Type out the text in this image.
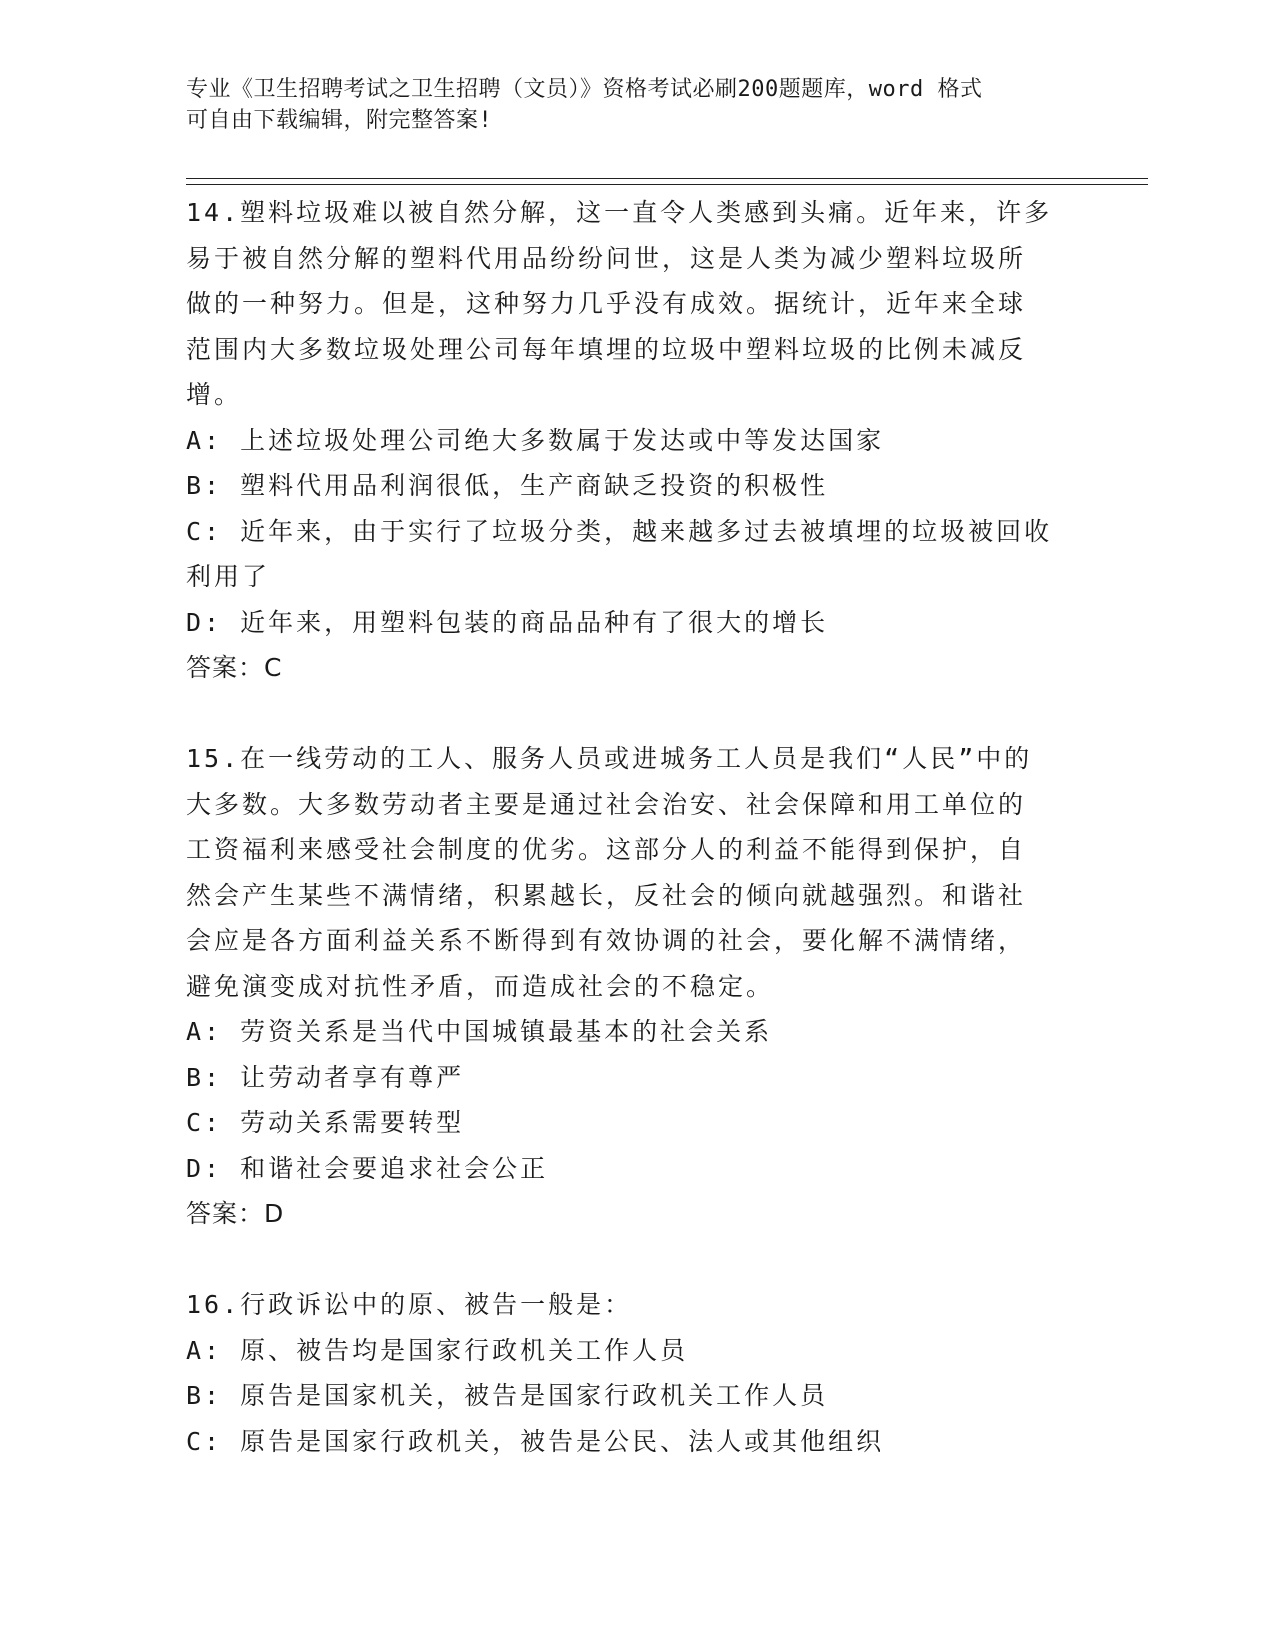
专业《卫生招聘考试之卫生招聘（文员）》资格考试必刷200题题库，word 格式
可自由下载编辑，附完整答案!
14.塑料垃圾难以被自然分解，这一直令人类感到头痛。近年来，许多
易于被自然分解的塑料代用品纷纷问世，这是人类为减少塑料垃圾所
做的一种努力。但是，这种努力几乎没有成效。据统计，近年来全球
范围内大多数垃圾处理公司每年填埋的垃圾中塑料垃圾的比例未减反
增。
A: 上述垃圾处理公司绝大多数属于发达或中等发达国家
B: 塑料代用品利润很低，生产商缺乏投资的积极性
C: 近年来，由于实行了垃圾分类，越来越多过去被填埋的垃圾被回收
利用了
D: 近年来，用塑料包装的商品品种有了很大的增长
答案：C
15.在一线劳动的工人、服务人员或进城务工人员是我们“人民”中的
大多数。大多数劳动者主要是通过社会治安、社会保障和用工单位的
工资福利来感受社会制度的优劣。这部分人的利益不能得到保护，自
然会产生某些不满情绪，积累越长，反社会的倾向就越强烈。和谐社
会应是各方面利益关系不断得到有效协调的社会，要化解不满情绪，
避免演变成对抗性矛盾，而造成社会的不稳定。
A: 劳资关系是当代中国城镇最基本的社会关系
B: 让劳动者享有尊严
C: 劳动关系需要转型
D: 和谐社会要追求社会公正
答案：D
16.行政诉讼中的原、被告一般是：
A: 原、被告均是国家行政机关工作人员
B: 原告是国家机关，被告是国家行政机关工作人员
C: 原告是国家行政机关，被告是公民、法人或其他组织
